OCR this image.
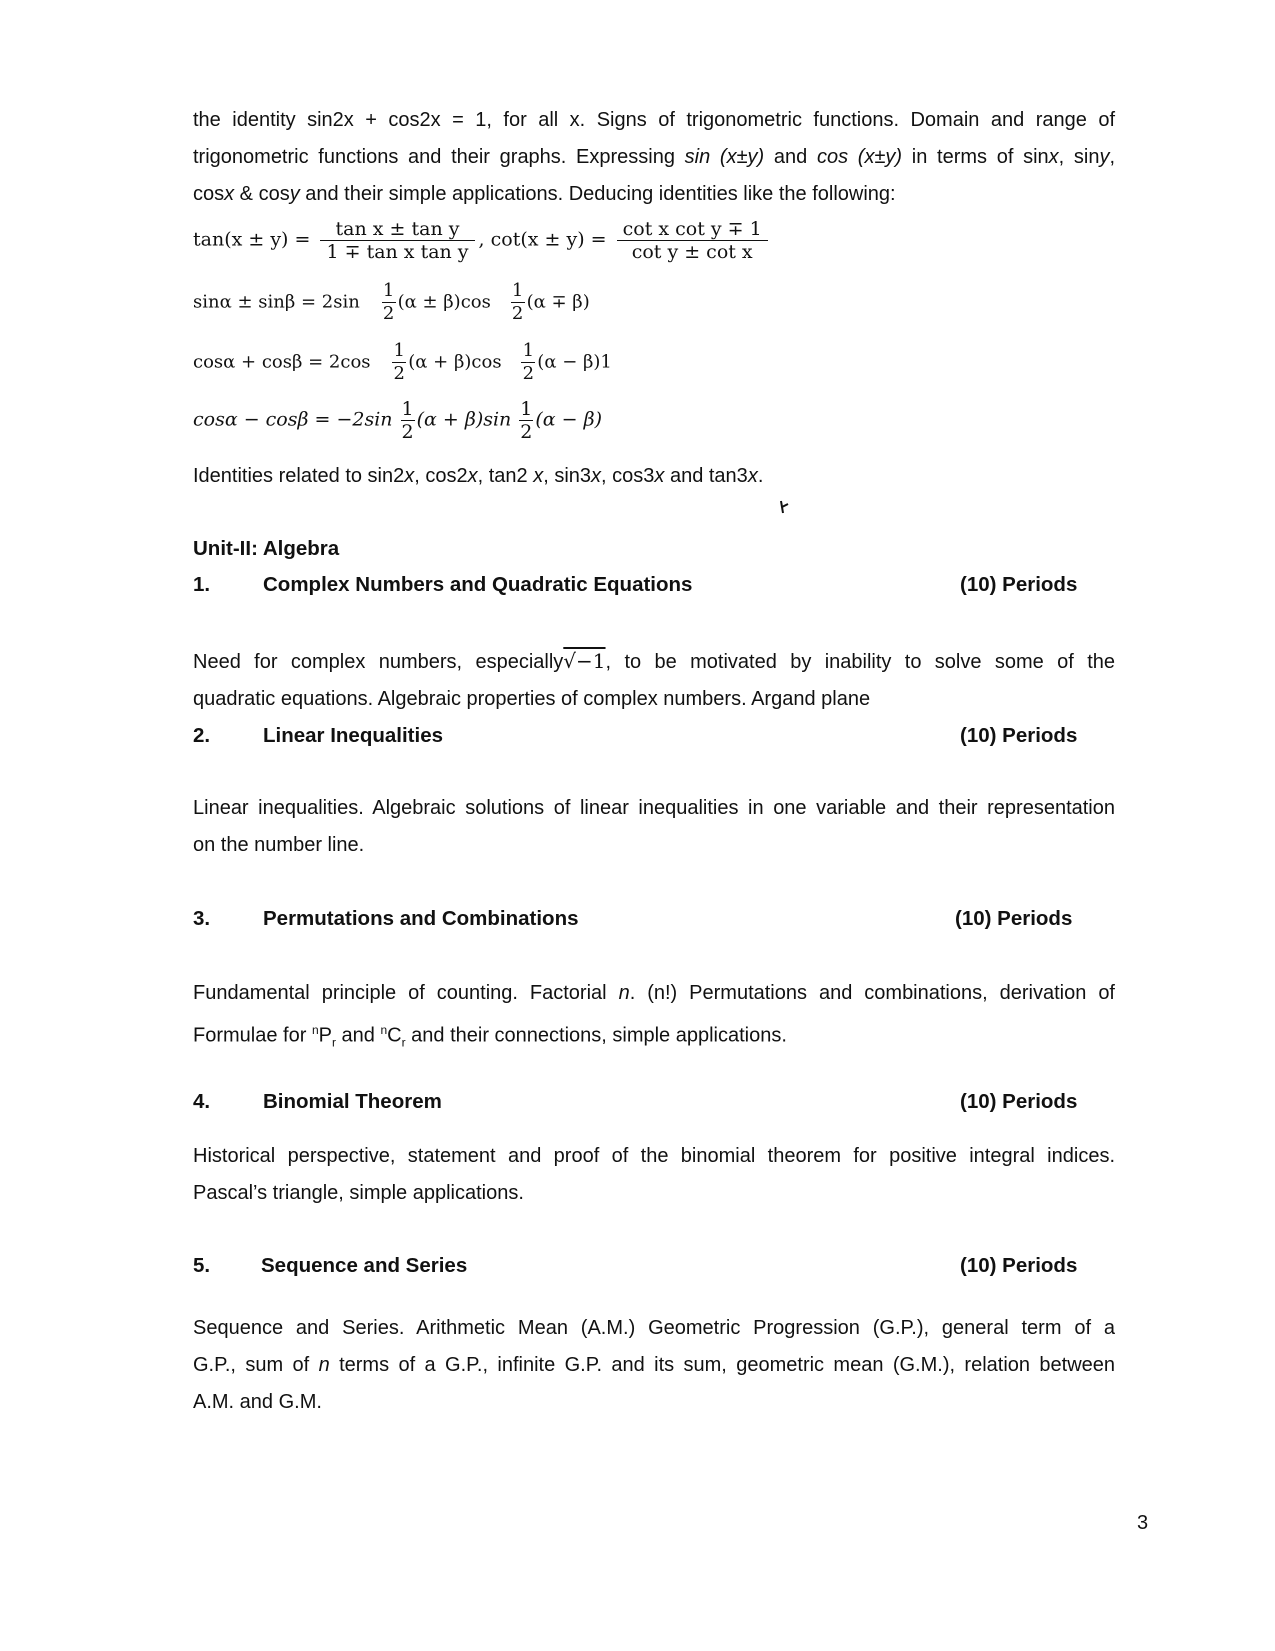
the identity sin2x + cos2x = 1, for all x. Signs of trigonometric functions. Domain and range of
trigonometric functions and their graphs. Expressing sin (x±y) and cos (x±y) in terms of sinx, siny,
cosx & cosy and their simple applications. Deducing identities like the following:
$\tan(x \pm y) = \frac{\text{tan x ± tan y}}{\text{1 ∓ tan x tan y}}$ , $\cot(x \pm y) = \frac{\text{cot x cot y ∓ 1}}{\text{cot y ± cot x}}$
$\sin\alpha \pm \sin\beta = 2\sin \frac{1}{2} (\alpha \pm \beta)\cos \frac{1}{2} (\alpha \mp \beta)$
$\cos\alpha + \cos\beta = 2\cos \frac{1}{2} (\alpha + \beta)\cos \frac{1}{2} (\alpha - \beta)1$
$\cos\alpha - \cos\beta = -2\sin \frac{1}{2} (\alpha + \beta)\sin \frac{1}{2} (\alpha - \beta)$
Identities related to sin2x, cos2x, tan2 x, sin3x, cos3x and tan3x.
Unit-II: Algebra
1.	Complex Numbers and Quadratic Equations	(10) Periods
Need for complex numbers, especially√−1, to be motivated by inability to solve some of the
quadratic equations. Algebraic properties of complex numbers. Argand plane
2.	Linear Inequalities	(10) Periods
Linear inequalities. Algebraic solutions of linear inequalities in one variable and their representation
on the number line.
3.	Permutations and Combinations	(10) Periods
Fundamental principle of counting. Factorial n. (n!) Permutations and combinations, derivation of
Formulae for $^nP_r$ and $^nC_r$ and their connections, simple applications.
4.	Binomial Theorem	(10) Periods
Historical perspective, statement and proof of the binomial theorem for positive integral indices.
Pascal’s triangle, simple applications.
5. Sequence and Series	(10) Periods
Sequence and Series. Arithmetic Mean (A.M.) Geometric Progression (G.P.), general term of a
G.P., sum of n terms of a G.P., infinite G.P. and its sum, geometric mean (G.M.), relation between
A.M. and G.M.
3
